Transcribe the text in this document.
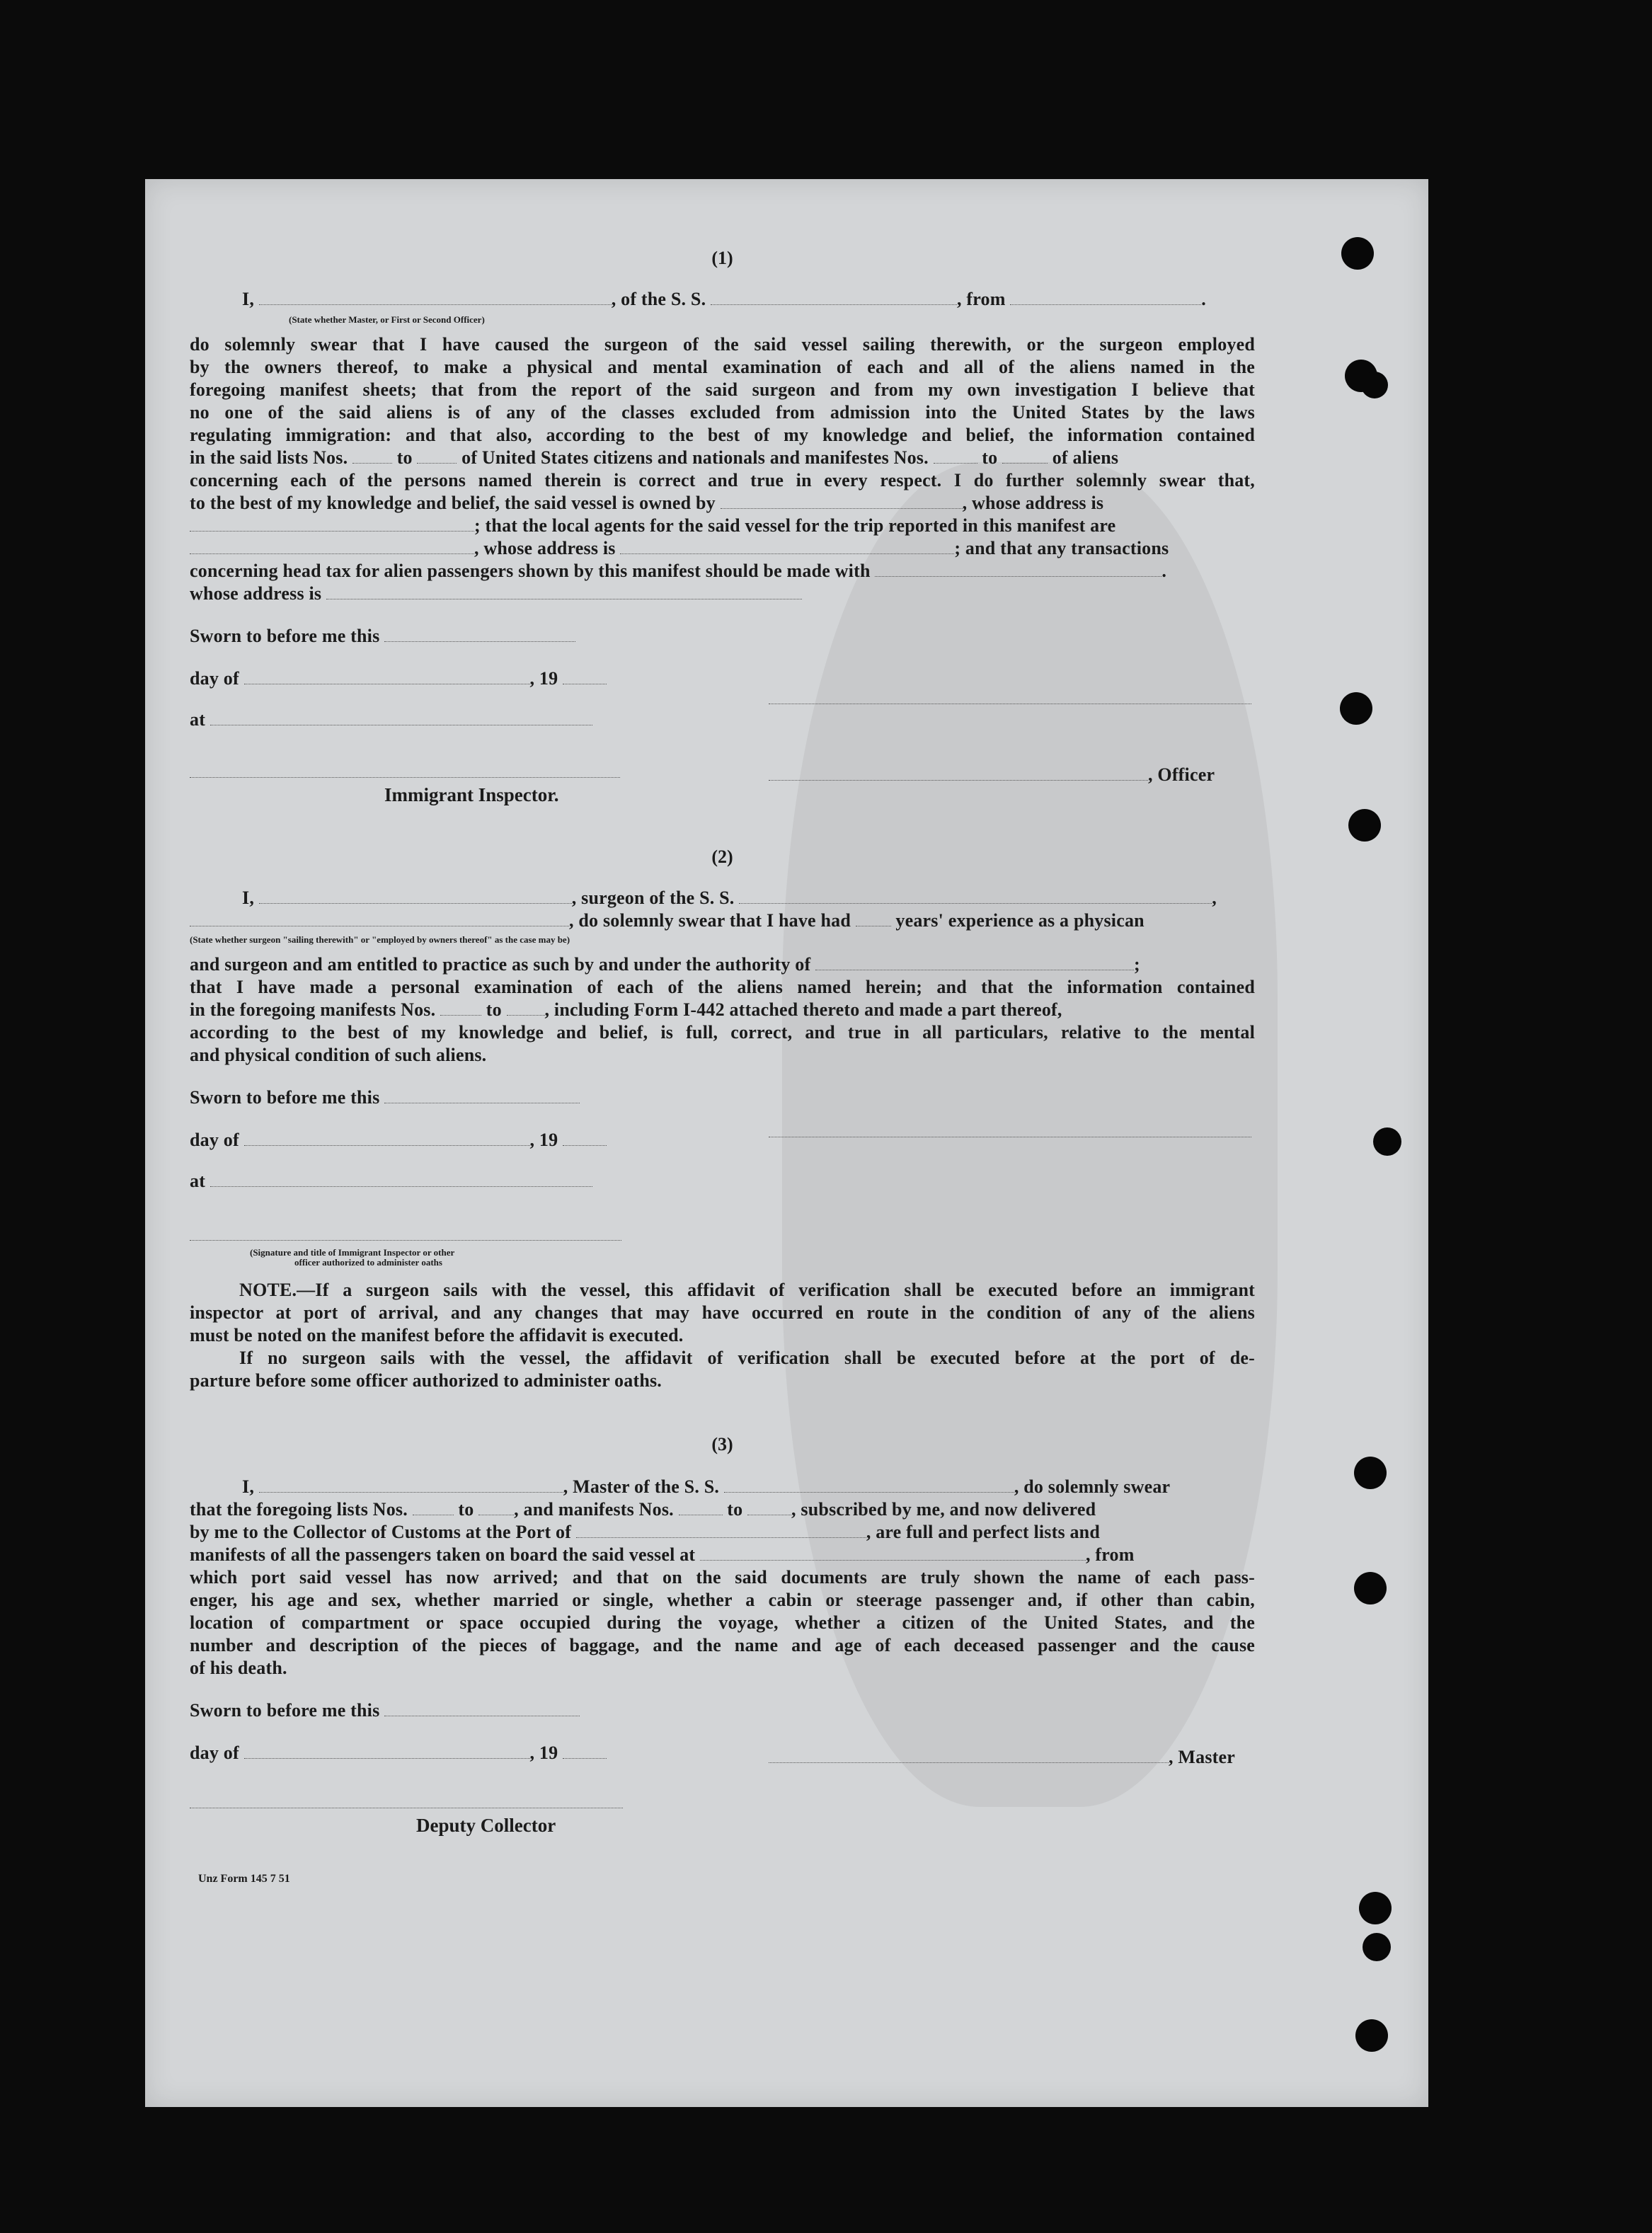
(1)
I,	, of the S. S.	, from	.
(State whether Master, or First or Second Officer)
do solemnly swear that I have caused the surgeon of the said vessel sailing therewith, or the surgeon employed
by the owners thereof, to make a physical and mental examination of each and all of the aliens named in the
foregoing manifest sheets; that from the report of the said surgeon and from my own investigation I believe that
no one of the said aliens is of any of the classes excluded from admission into the United States by the laws
regulating immigration: and that also, according to the best of my knowledge and belief, the information contained
in the said lists Nos.	to	of United States citizens and nationals and manifestes Nos.	to	of aliens
concerning each of the persons named therein is correct and true in every respect. I do further solemnly swear that,
to the best of my knowledge and belief, the said vessel is owned by	, whose address is
; that the local agents for the said vessel for the trip reported in this manifest are
, whose address is	; and that any transactions
concerning head tax for alien passengers shown by this manifest should be made with	.
whose address is
Sworn to before me this
day of	, 19
at
, Officer
Immigrant Inspector.
(2)
I,	, surgeon of the S. S.	,
, do solemnly swear that I have had years' experience as a physican
(State whether surgeon "sailing therewith" or "employed by owners thereof" as the case may be)
and surgeon and am entitled to practice as such by and under the authority of	;
that I have made a personal examination of each of the aliens named herein; and that the information contained
in the foregoing manifests Nos.	to , including Form I-442 attached thereto and made a part thereof,
according to the best of my knowledge and belief, is full, correct, and true in all particulars, relative to the mental
and physical condition of such aliens.
Sworn to before me this
day of	, 19
at
(Signature and title of Immigrant Inspector or other
officer authorized to administer oaths
NOTE.—If a surgeon sails with the vessel, this affidavit of verification shall be executed before an immigrant
inspector at port of arrival, and any changes that may have occurred en route in the condition of any of the aliens
must be noted on the manifest before the affidavit is executed.
If no surgeon sails with the vessel, the affidavit of verification shall be executed before at the port of de-
parture before some officer authorized to administer oaths.
(3)
I,	, Master of the S. S.	, do solemnly swear
that the foregoing lists Nos.	to , and manifests Nos.	to	, subscribed by me, and now delivered
by me to the Collector of Customs at the Port of	, are full and perfect lists and
manifests of all the passengers taken on board the said vessel at	, from
which port said vessel has now arrived; and that on the said documents are truly shown the name of each pass-
enger, his age and sex, whether married or single, whether a cabin or steerage passenger and, if other than cabin,
location of compartment or space occupied during the voyage, whether a citizen of the United States, and the
number and description of the pieces of baggage, and the name and age of each deceased passenger and the cause
of his death.
Sworn to before me this
day of	, 19	, Master
Deputy Collector
Unz Form 145 7 51
